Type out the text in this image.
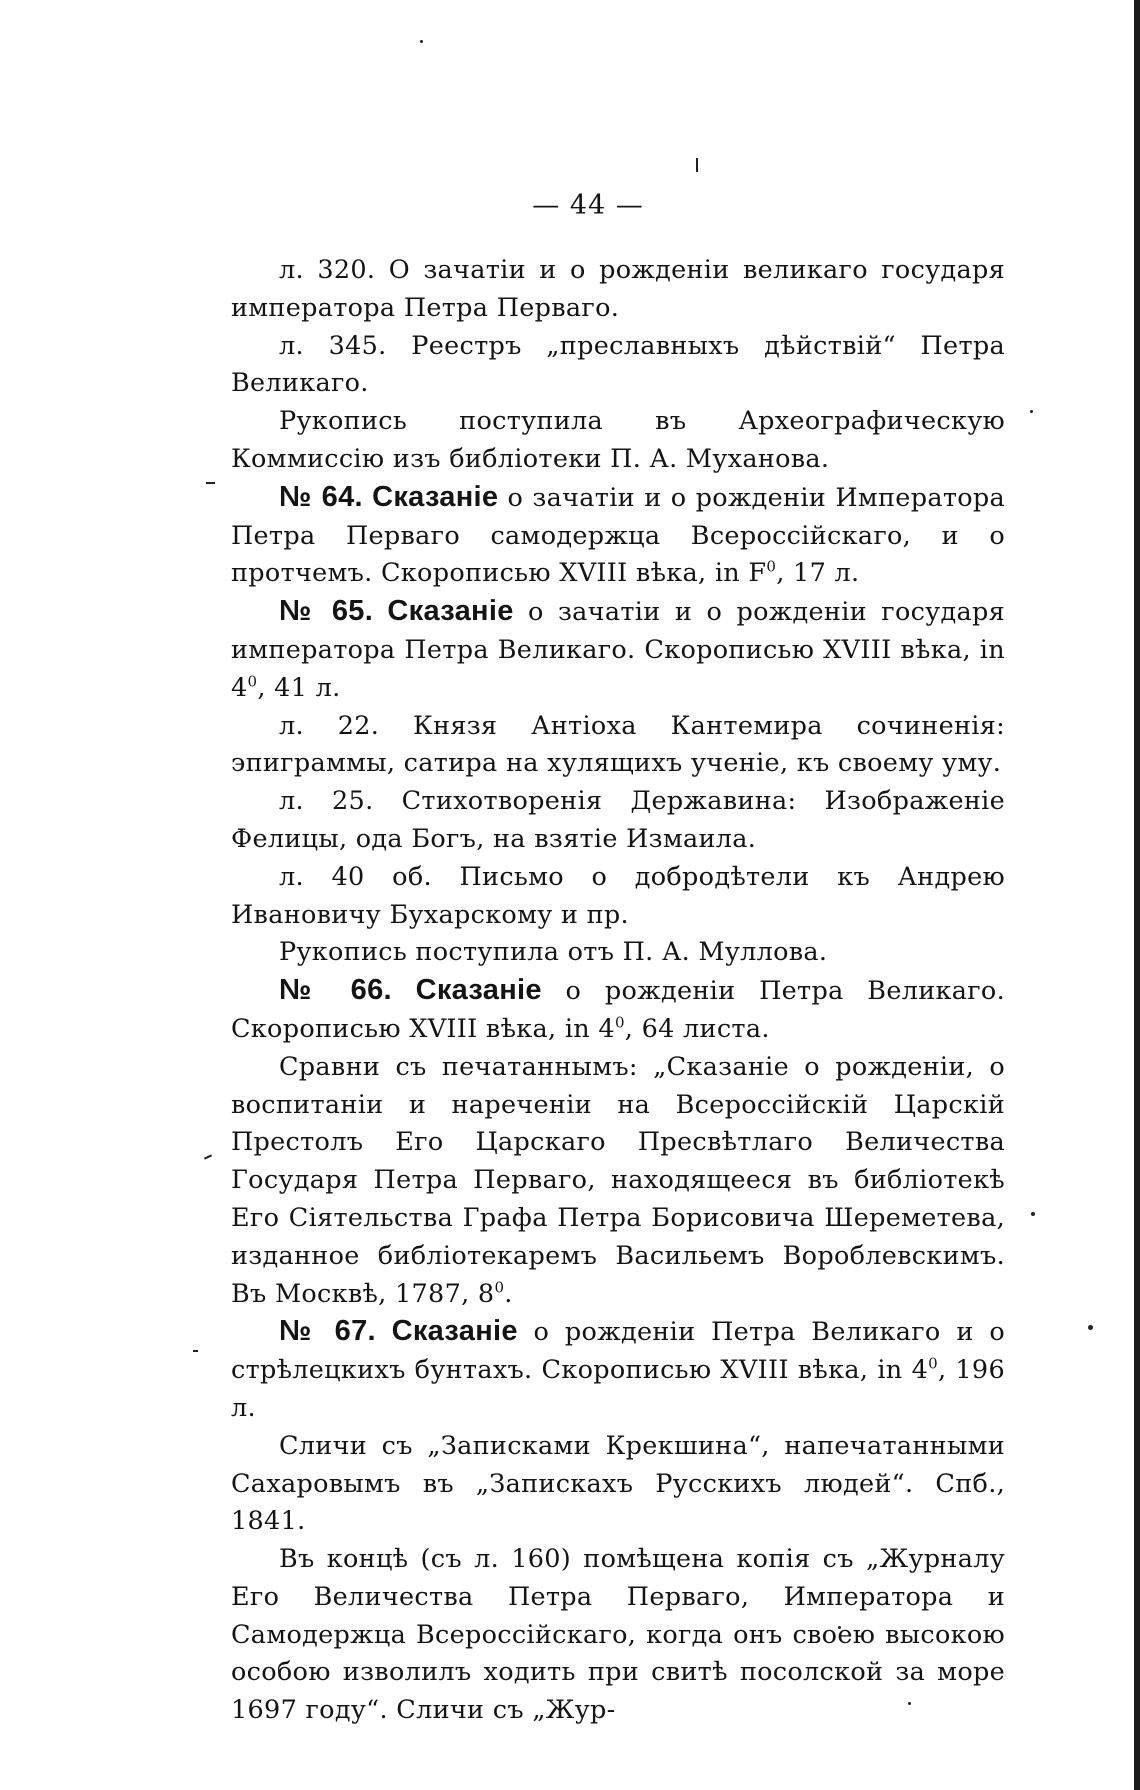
— 44 —

л. 320. О зачатіи и о рожденіи великаго государя императора Петра Перваго.

л. 345. Реестръ „преславныхъ дѣйствій“ Петра Великаго.

Рукопись поступила въ Археографическую Коммиссію изъ библіотеки П. А. Муханова.

№ 64. Сказаніе о зачатіи и о рожденіи Императора Петра Перваго самодержца Всероссійскаго, и о протчемъ. Скорописью XVIII вѣка, in $F^0$, 17 л.

№ 65. Сказаніе о зачатіи и о рожденіи государя императора Петра Великаго. Скорописью XVIII вѣка, in $4^0$, 41 л.

л. 22. Князя Антіоха Кантемира сочиненія: эпиграммы, сатира на хулящихъ ученіе, къ своему уму.

л. 25. Стихотворенія Державина: Изображеніе Фелицы, ода Богъ, на взятіе Измаила.

л. 40 об. Письмо о добродѣтели къ Андрею Ивановичу Бухарскому и пр.

Рукопись поступила отъ П. А. Муллова.

№ 66. Сказаніе о рожденіи Петра Великаго. Скорописью XVIII вѣка, in $4^0$, 64 листа.

Сравни съ печатаннымъ: „Сказаніе о рожденіи, о воспитаніи и нареченіи на Всероссійскій Царскій Престолъ Его Царскаго Пресвѣтлаго Величества Государя Петра Перваго, находящееся въ библіотекѣ Его Сіятельства Графа Петра Борисовича Шереметева, изданное библіотекаремъ Васильемъ Вороблевскимъ. Въ Москвѣ, 1787, $8^0$.

№ 67. Сказаніе о рожденіи Петра Великаго и о стрѣлецкихъ бунтахъ. Скорописью XVIII вѣка, in $4^0$, 196 л.

Сличи съ „Записками Крекшина“, напечатанными Сахаровымъ въ „Запискахъ Русскихъ людей“. Спб., 1841.

Въ концѣ (съ л. 160) помѣщена копія съ „Журналу Его Величества Петра Перваго, Императора и Самодержца Всероссійскаго, когда онъ своею высокою особою изволилъ ходить при свитѣ посолской за море 1697 году“. Сличи съ „Жур-
